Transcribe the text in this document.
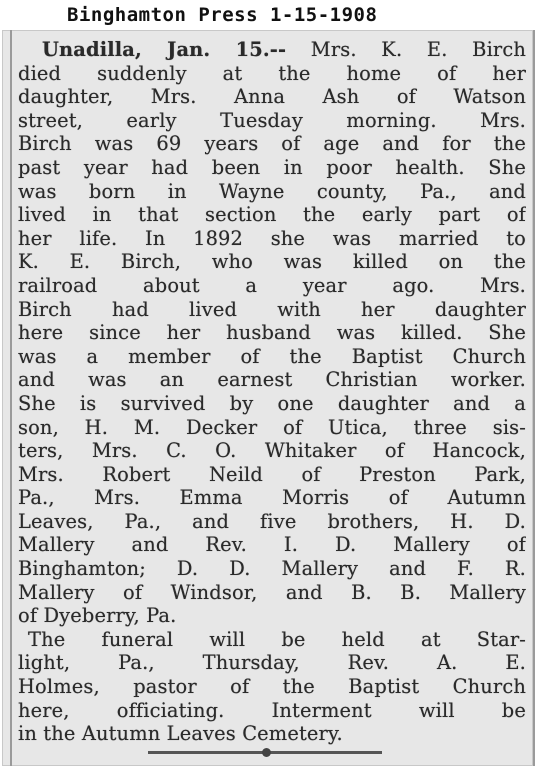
Binghamton Press 1-15-1908
Unadilla, Jan. 15.-- Mrs. K. E. Birch
died suddenly at the home of her
daughter, Mrs. Anna Ash of Watson
street, early Tuesday morning. Mrs.
Birch was 69 years of age and for the
past year had been in poor health. She
was born in Wayne county, Pa., and
lived in that section the early part of
her life. In 1892 she was married to
K. E. Birch, who was killed on the
railroad about a year ago. Mrs.
Birch had lived with her daughter
here since her husband was killed. She
was a member of the Baptist Church
and was an earnest Christian worker.
She is survived by one daughter and a
son, H. M. Decker of Utica, three sis-
ters, Mrs. C. O. Whitaker of Hancock,
Mrs. Robert Neild of Preston Park,
Pa., Mrs. Emma Morris of Autumn
Leaves, Pa., and five brothers, H. D.
Mallery and Rev. I. D. Mallery of
Binghamton; D. D. Mallery and F. R.
Mallery of Windsor, and B. B. Mallery
of Dyeberry, Pa.
The funeral will be held at Star-
light, Pa., Thursday, Rev. A. E.
Holmes, pastor of the Baptist Church
here, officiating. Interment will be
in the Autumn Leaves Cemetery.
